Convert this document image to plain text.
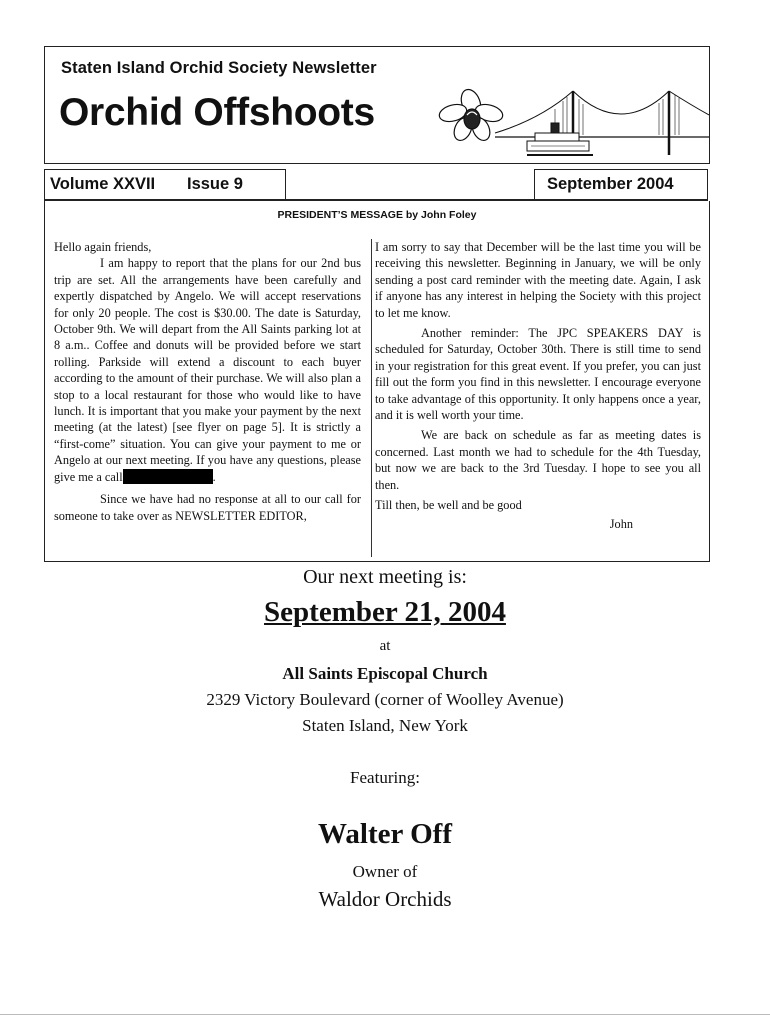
Staten Island Orchid Society Newsletter
Orchid Offshoots
Volume XXVII Issue 9	September 2004
PRESIDENT’S MESSAGE by John Foley

Hello again friends,

I am happy to report that the plans for our 2nd bus trip are set. All the arrangements have been carefully and expertly dispatched by Angelo. We will accept reservations for only 20 people. The cost is $30.00. The date is Saturday, October 9th. We will depart from the All Saints parking lot at 8 a.m.. Coffee and donuts will be provided before we start rolling. Parkside will extend a discount to each buyer according to the amount of their purchase. We will also plan a stop to a local restaurant for those who would like to have lunch. It is important that you make your payment by the next meeting (at the latest) [see flyer on page 5]. It is strictly a “first-come” situation. You can give your payment to me or Angelo at our next meeting. If you have any questions, please give me a call	.

Since we have had no response at all to our call for someone to take over as NEWSLETTER EDITOR,

I am sorry to say that December will be the last time you will be receiving this newsletter. Beginning in January, we will be only sending a post card reminder with the meeting date. Again, I ask if anyone has any interest in helping the Society with this project to let me know.

Another reminder: The JPC SPEAKERS DAY is scheduled for Saturday, October 30th. There is still time to send in your registration for this great event. If you prefer, you can just fill out the form you find in this newsletter. I encourage everyone to take advantage of this opportunity. It only happens once a year, and it is well worth your time.

We are back on schedule as far as meeting dates is concerned. Last month we had to schedule for the 4th Tuesday, but now we are back to the 3rd Tuesday. I hope to see you all then.

Till then, be well and be good

John

Our next meeting is:
September 21, 2004
at
All Saints Episcopal Church
2329 Victory Boulevard (corner of Woolley Avenue)
Staten Island, New York
Featuring:
Walter Off
Owner of
Waldor Orchids
